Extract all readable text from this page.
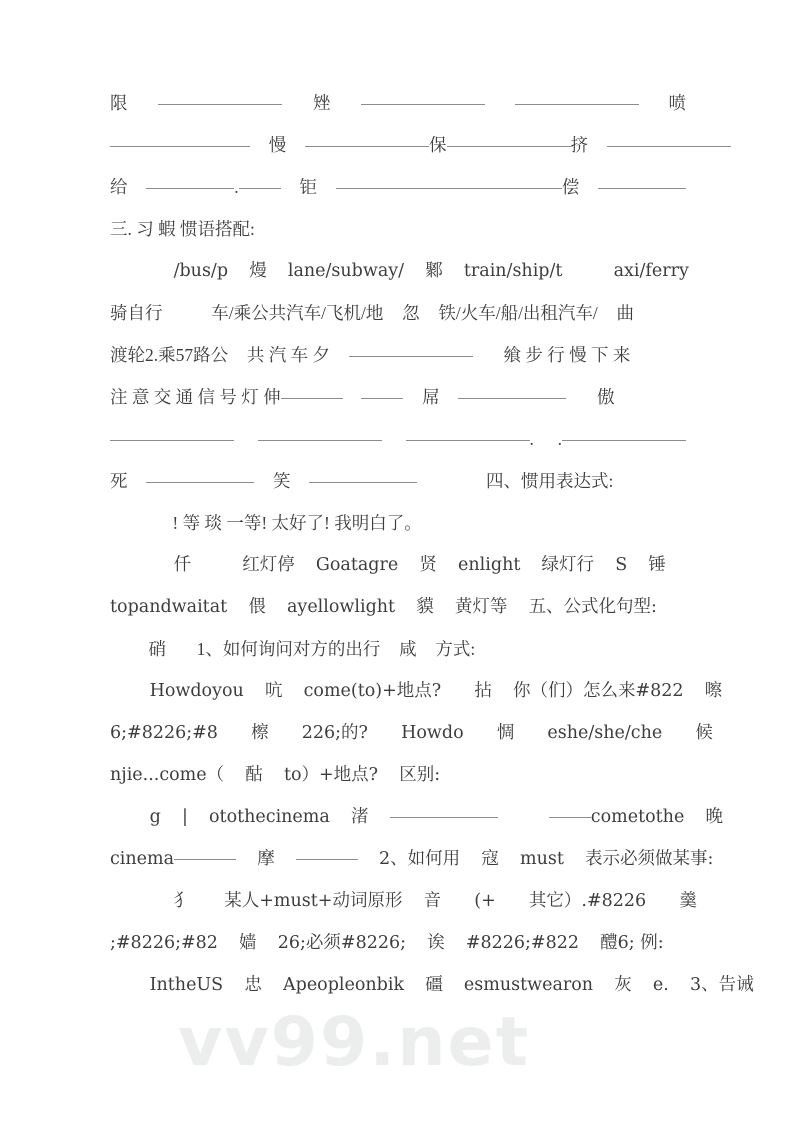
vv99.net
限	矬	喷
慢	保	挤
给	.	钜	偿
三. 习 蝦 惯语搭配:
/bus/p 熳 lane/subway/ 鄹 train/ship/t	axi/ferry
骑自行	车/乘公共汽车/飞机/地 忽 铁/火车/船/出租汽车/ 曲
渡轮2.乘57路公 共 汽 车 夕	飨 步 行 慢 下 来
注 意 交 通 信 号 灯 伸	屌	傲
. .
死	笑	四、惯用表达式:
! 等 琰 一等! 太好了! 我明白了。
仟	红灯停 Goatagre 贤 enlight 绿灯行 S 锤
topandwaitat 偎 ayellowlight 貘 黄灯等 五、公式化句型:
硝 1、如何询问对方的出行 咸 方式:
Howdoyou 吭 come(to)+地点? 拈 你（们）怎么来#822 嚓
6;#8226;#8 檫 226;的? Howdo 惆 eshe/she/che 候
njie...come（ 酤 to）+地点? 区别:
g | otothecinema 渚	cometothe 晚
cinema	摩	2、如何用 寇 must 表示必须做某事:
犭 某人+must+动词原形 音 (+ 其它）.#8226 羹
;#8226;#82 嫱 26;必须#8226; 诶 #8226;#822 醴6; 例:
IntheUS 忠 Apeopleonbik 礓 esmustwearon 灰 e. 3、告诫
